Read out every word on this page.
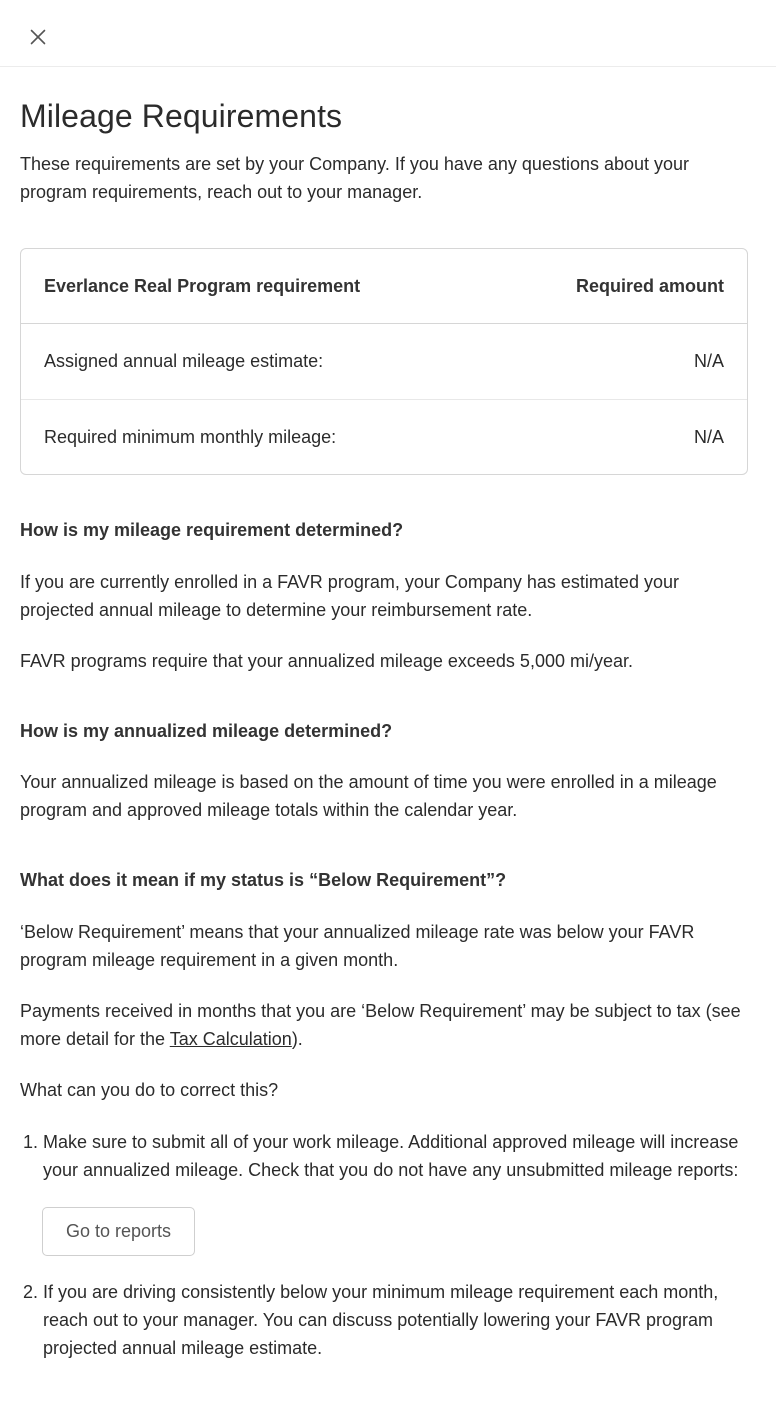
Mileage Requirements

These requirements are set by your Company. If you have any questions about your program requirements, reach out to your manager.

Everlance Real Program requirement	Required amount
Assigned annual mileage estimate:	N/A
Required minimum monthly mileage:	N/A

How is my mileage requirement determined?

If you are currently enrolled in a FAVR program, your Company has estimated your projected annual mileage to determine your reimbursement rate.

FAVR programs require that your annualized mileage exceeds 5,000 mi/year.

How is my annualized mileage determined?

Your annualized mileage is based on the amount of time you were enrolled in a mileage program and approved mileage totals within the calendar year.

What does it mean if my status is “Below Requirement”?

‘Below Requirement’ means that your annualized mileage rate was below your FAVR program mileage requirement in a given month.

Payments received in months that you are ‘Below Requirement’ may be subject to tax (see more detail for the Tax Calculation).

What can you do to correct this?

1. Make sure to submit all of your work mileage. Additional approved mileage will increase your annualized mileage. Check that you do not have any unsubmitted mileage reports:
Go to reports
2. If you are driving consistently below your minimum mileage requirement each month, reach out to your manager. You can discuss potentially lowering your FAVR program projected annual mileage estimate.
